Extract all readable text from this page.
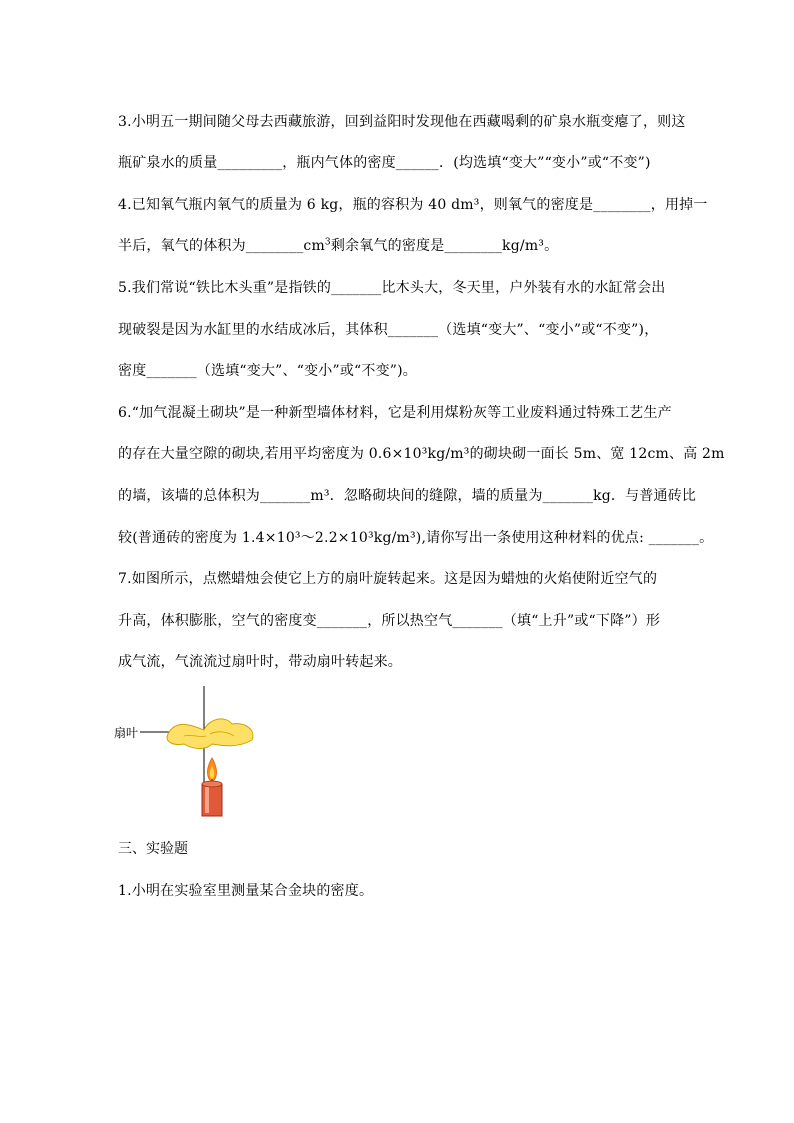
3.小明五一期间随父母去西藏旅游，回到益阳时发现他在西藏喝剩的矿泉水瓶变瘪了，则这
瓶矿泉水的质量_________，瓶内气体的密度______．(均选填“变大”“变小”或“不变”)
4.已知氧气瓶内氧气的质量为 6 kg，瓶的容积为 40 dm³，则氧气的密度是________，用掉一
半后，氧气的体积为$\_\_\_\_\_\_\_\_cm^3$剩余氧气的密度是________kg/m³。
5.我们常说“铁比木头重”是指铁的_______比木头大，冬天里，户外装有水的水缸常会出
现破裂是因为水缸里的水结成冰后，其体积_______（选填“变大”、“变小”或“不变”)，
密度_______（选填“变大”、“变小”或“不变”)。
6.“加气混凝土砌块”是一种新型墙体材料，它是利用煤粉灰等工业废料通过特殊工艺生产
的存在大量空隙的砌块,若用平均密度为 0.6×10³kg/m³的砌块砌一面长 5m、宽 12cm、高 2m
的墙，该墙的总体积为_______m³．忽略砌块间的缝隙，墙的质量为_______kg．与普通砖比
较(普通砖的密度为 1.4×10³～2.2×10³kg/m³),请你写出一条使用这种材料的优点: _______。
7.如图所示，点燃蜡烛会使它上方的扇叶旋转起来。这是因为蜡烛的火焰使附近空气的
升高，体积膨胀，空气的密度变_______，所以热空气_______（填“上升”或“下降”）形
成气流，气流流过扇叶时，带动扇叶转起来。
扇叶
三、实验题
1.小明在实验室里测量某合金块的密度。
